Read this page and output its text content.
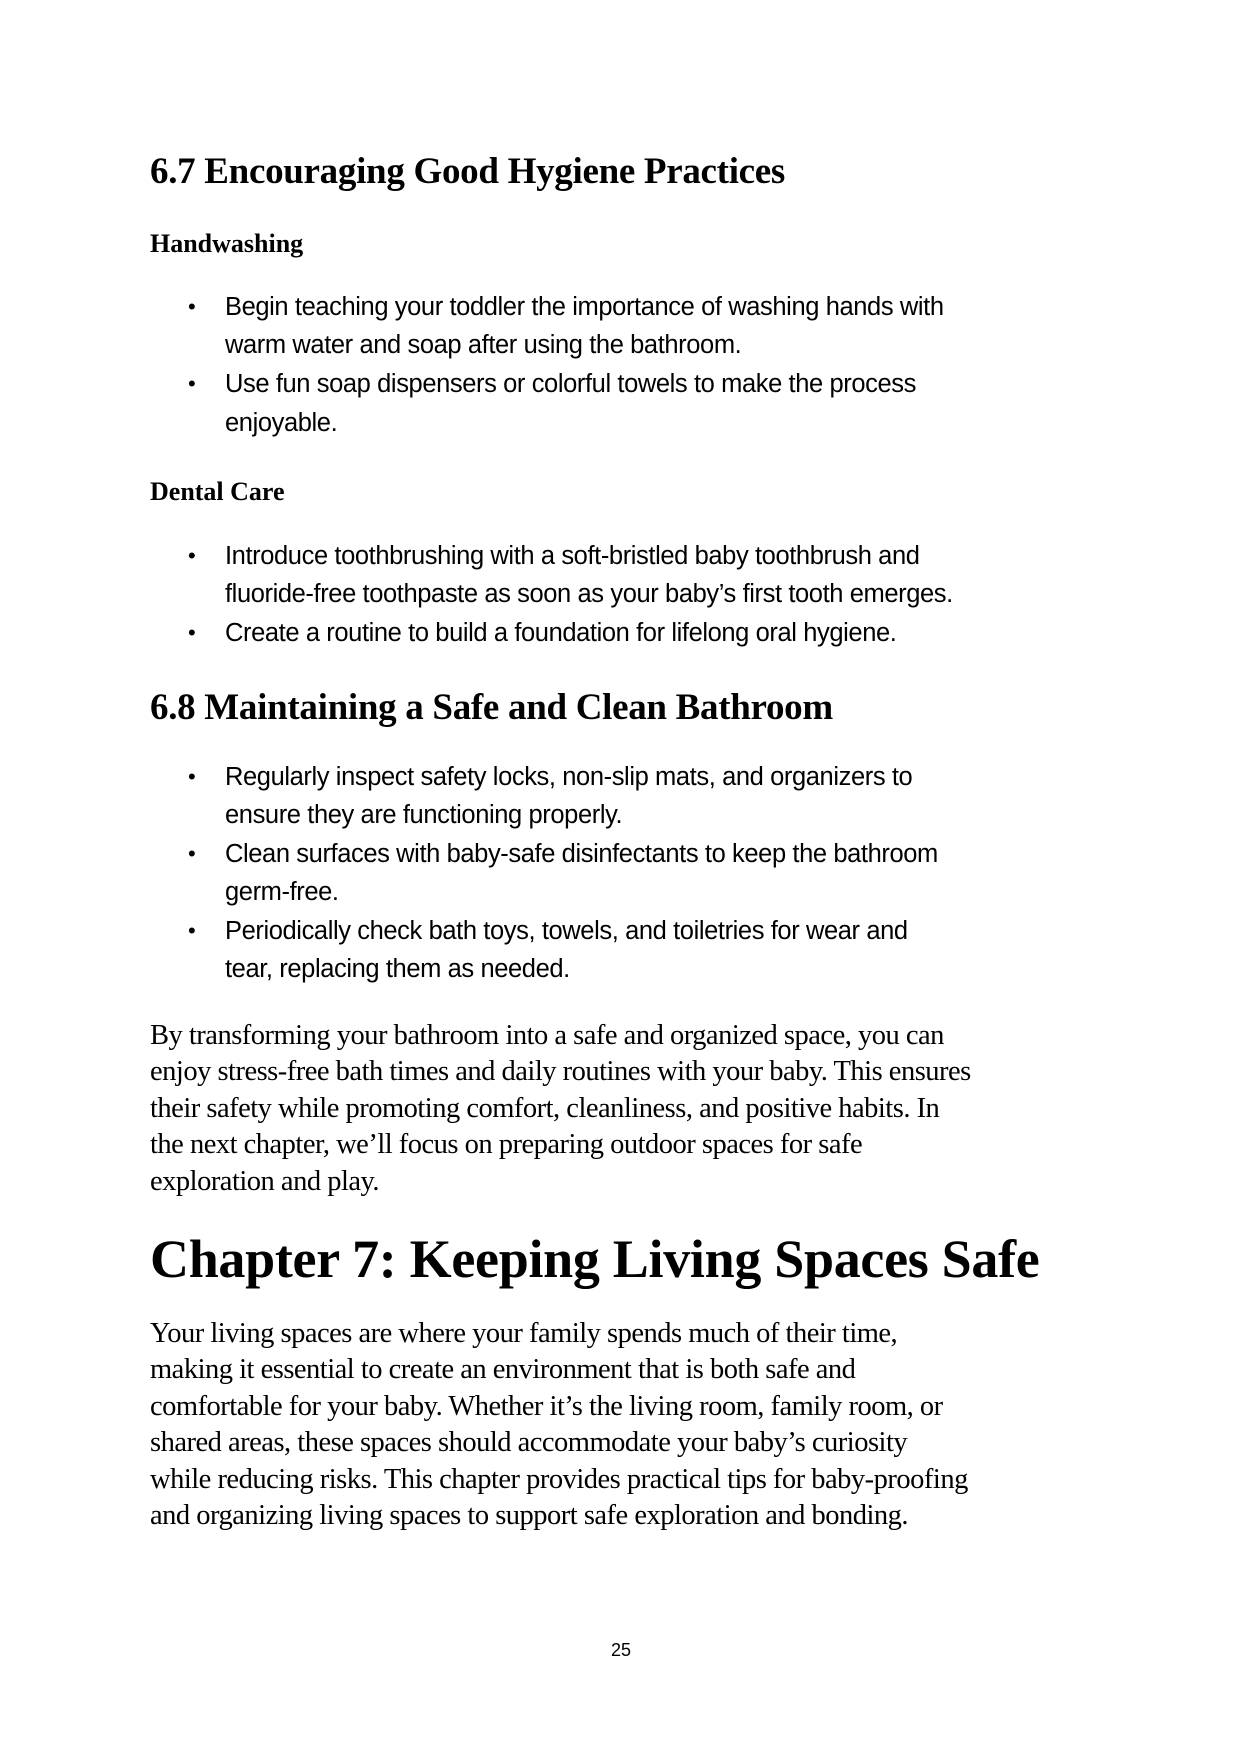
6.7 Encouraging Good Hygiene Practices
Handwashing
• Begin teaching your toddler the importance of washing hands with
warm water and soap after using the bathroom.
• Use fun soap dispensers or colorful towels to make the process
enjoyable.
Dental Care
• Introduce toothbrushing with a soft-bristled baby toothbrush and
fluoride-free toothpaste as soon as your baby’s first tooth emerges.
• Create a routine to build a foundation for lifelong oral hygiene.
6.8 Maintaining a Safe and Clean Bathroom
• Regularly inspect safety locks, non-slip mats, and organizers to
ensure they are functioning properly.
• Clean surfaces with baby-safe disinfectants to keep the bathroom
germ-free.
• Periodically check bath toys, towels, and toiletries for wear and
tear, replacing them as needed.
By transforming your bathroom into a safe and organized space, you can
enjoy stress-free bath times and daily routines with your baby. This ensures
their safety while promoting comfort, cleanliness, and positive habits. In
the next chapter, we’ll focus on preparing outdoor spaces for safe
exploration and play.
Chapter 7: Keeping Living Spaces Safe
Your living spaces are where your family spends much of their time,
making it essential to create an environment that is both safe and
comfortable for your baby. Whether it’s the living room, family room, or
shared areas, these spaces should accommodate your baby’s curiosity
while reducing risks. This chapter provides practical tips for baby-proofing
and organizing living spaces to support safe exploration and bonding.
25
